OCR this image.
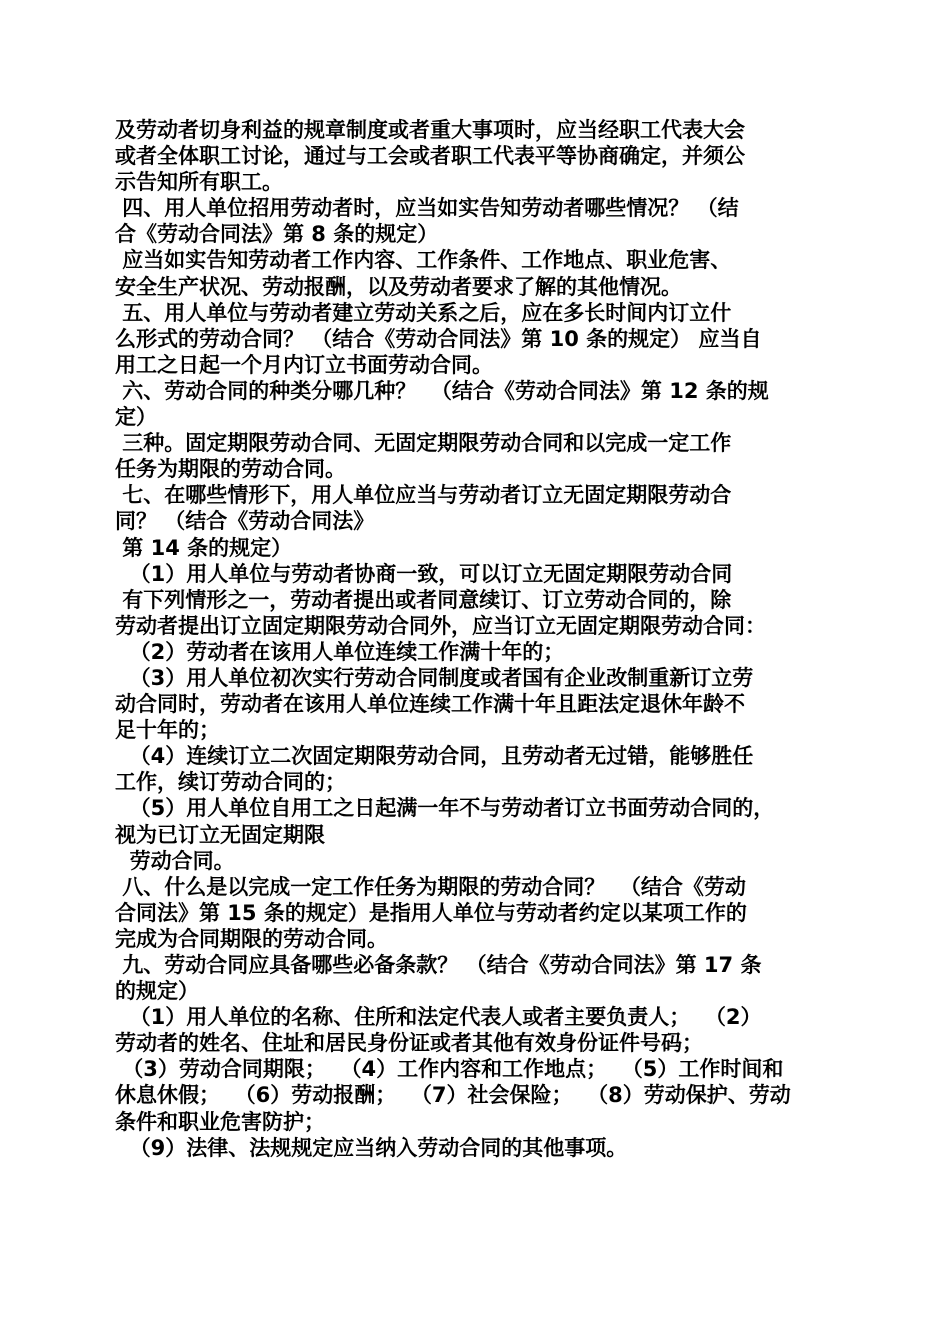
及劳动者切身利益的规章制度或者重大事项时，应当经职工代表大会
或者全体职工讨论，通过与工会或者职工代表平等协商确定，并须公
示告知所有职工。
四、用人单位招用劳动者时，应当如实告知劳动者哪些情况？ （结
合《劳动合同法》第 8 条的规定）
应当如实告知劳动者工作内容、工作条件、工作地点、职业危害、
安全生产状况、劳动报酬，以及劳动者要求了解的其他情况。
五、用人单位与劳动者建立劳动关系之后，应在多长时间内订立什
么形式的劳动合同？ （结合《劳动合同法》第 10 条的规定） 应当自
用工之日起一个月内订立书面劳动合同。
六、劳动合同的种类分哪几种？  （结合《劳动合同法》第 12 条的规
定）
三种。固定期限劳动合同、无固定期限劳动合同和以完成一定工作
任务为期限的劳动合同。
七、在哪些情形下，用人单位应当与劳动者订立无固定期限劳动合
同？ （结合《劳动合同法》
第 14 条的规定）
（1）用人单位与劳动者协商一致，可以订立无固定期限劳动合同
有下列情形之一，劳动者提出或者同意续订、订立劳动合同的，除
劳动者提出订立固定期限劳动合同外，应当订立无固定期限劳动合同：
（2）劳动者在该用人单位连续工作满十年的；
（3）用人单位初次实行劳动合同制度或者国有企业改制重新订立劳
动合同时，劳动者在该用人单位连续工作满十年且距法定退休年龄不
足十年的；
（4）连续订立二次固定期限劳动合同，且劳动者无过错，能够胜任
工作，续订劳动合同的；
（5）用人单位自用工之日起满一年不与劳动者订立书面劳动合同的，
视为已订立无固定期限
劳动合同。
八、什么是以完成一定工作任务为期限的劳动合同？  （结合《劳动
合同法》第 15 条的规定）是指用人单位与劳动者约定以某项工作的
完成为合同期限的劳动合同。
九、劳动合同应具备哪些必备条款？ （结合《劳动合同法》第 17 条
的规定）
（1）用人单位的名称、住所和法定代表人或者主要负责人；  （2）
劳动者的姓名、住址和居民身份证或者其他有效身份证件号码；
（3）劳动合同期限；  （4）工作内容和工作地点；  （5）工作时间和
休息休假；  （6）劳动报酬；  （7）社会保险；  （8）劳动保护、劳动
条件和职业危害防护；
（9）法律、法规规定应当纳入劳动合同的其他事项。
